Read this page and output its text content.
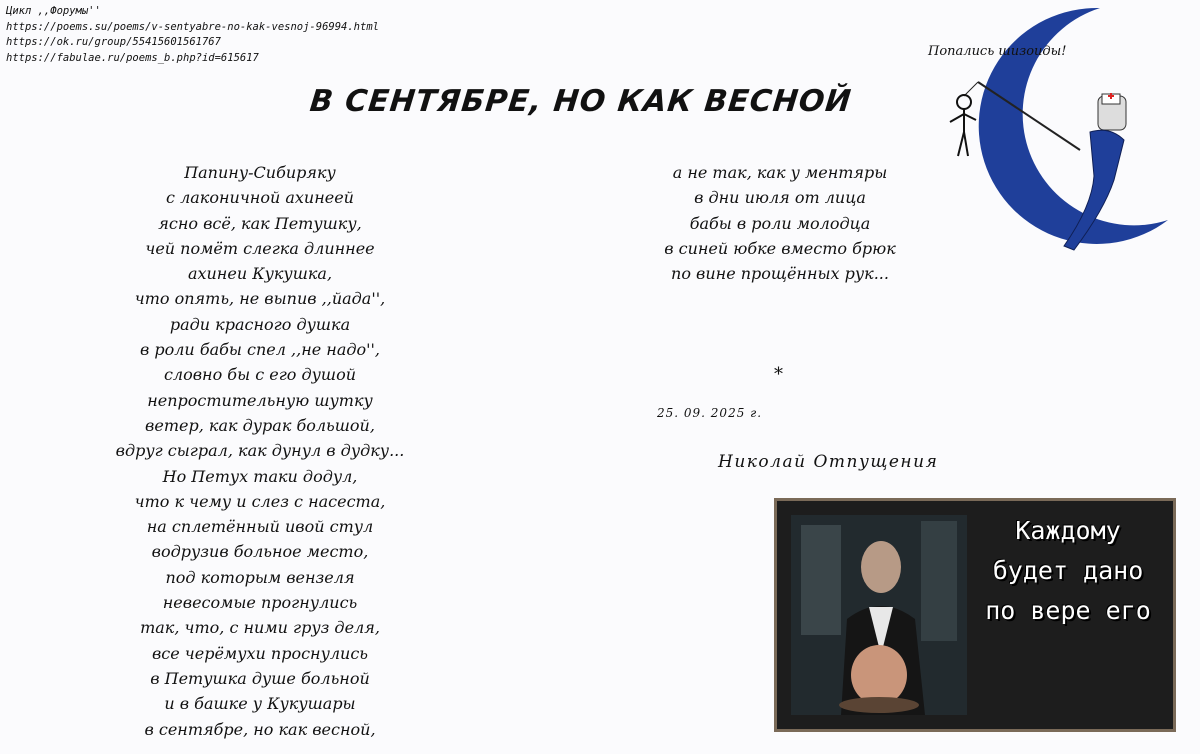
Цикл ,,Форумы''
https://poems.su/poems/v-sentyabre-no-kak-vesnoj-96994.html
https://ok.ru/group/55415601561767
https://fabulae.ru/poems_b.php?id=615617
В СЕНТЯБРЕ, НО КАК ВЕСНОЙ
Папину-Сибиряку
с лаконичной ахинеей
ясно всё, как Петушку,
чей помёт слегка длиннее
ахинеи Кукушка,
что опять, не выпив ,,йада'',
ради красного душка
в роли бабы спел ,,не надо'',
словно бы с его душой
непростительную шутку
ветер, как дурак большой,
вдруг сыграл, как дунул в дудку...
Но Петух таки додул,
что к чему и слез с насеста,
на сплетённый ивой стул
водрузив больное место,
под которым вензеля
невесомые прогнулись
так, что, с ними груз деля,
все черёмухи проснулись
в Петушка душе больной
и в башке у Кукушары
в сентябре, но как весной,
а не так, как у ментяры
в дни июля от лица
бабы в роли молодца
в синей юбке вместо брюк
по вине прощённых рук...
*
25. 09. 2025 г.
Николай Отпущения
Попались шизоиды!
Каждому
будет дано
по вере его
